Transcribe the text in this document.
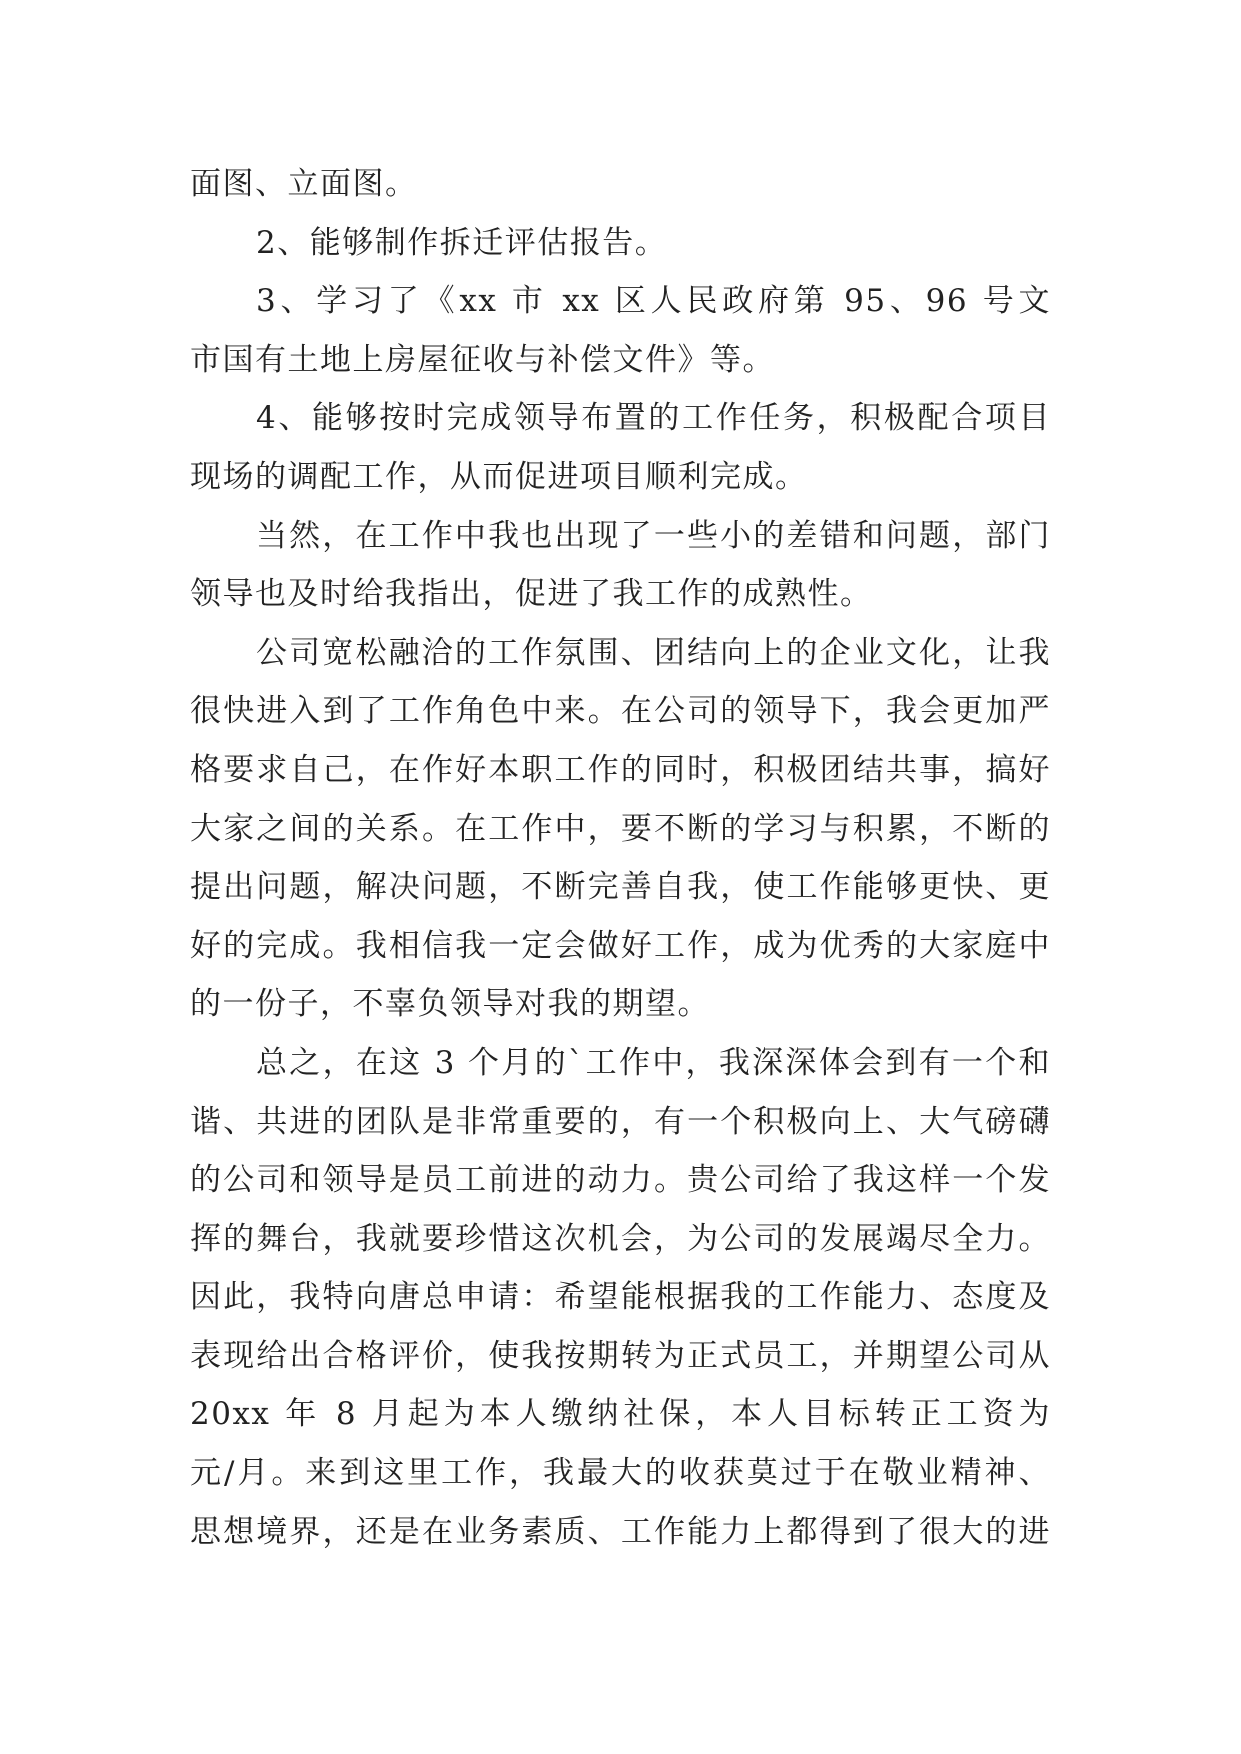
面图、立面图。
2、能够制作拆迁评估报告。
3、学习了《xx 市 xx 区人民政府第 95、96 号文
市国有土地上房屋征收与补偿文件》等。
4、能够按时完成领导布置的工作任务，积极配合项目
现场的调配工作，从而促进项目顺利完成。
当然，在工作中我也出现了一些小的差错和问题，部门
领导也及时给我指出，促进了我工作的成熟性。
公司宽松融洽的工作氛围、团结向上的企业文化，让我
很快进入到了工作角色中来。在公司的领导下，我会更加严
格要求自己，在作好本职工作的同时，积极团结共事，搞好
大家之间的关系。在工作中，要不断的学习与积累，不断的
提出问题，解决问题，不断完善自我，使工作能够更快、更
好的完成。我相信我一定会做好工作，成为优秀的大家庭中
的一份子，不辜负领导对我的期望。
总之，在这 3 个月的`工作中，我深深体会到有一个和
谐、共进的团队是非常重要的，有一个积极向上、大气磅礴
的公司和领导是员工前进的动力。贵公司给了我这样一个发
挥的舞台，我就要珍惜这次机会，为公司的发展竭尽全力。
因此，我特向唐总申请：希望能根据我的工作能力、态度及
表现给出合格评价，使我按期转为正式员工，并期望公司从
20xx 年 8 月起为本人缴纳社保，本人目标转正工资为
元/月。来到这里工作，我最大的收获莫过于在敬业精神、
思想境界，还是在业务素质、工作能力上都得到了很大的进
